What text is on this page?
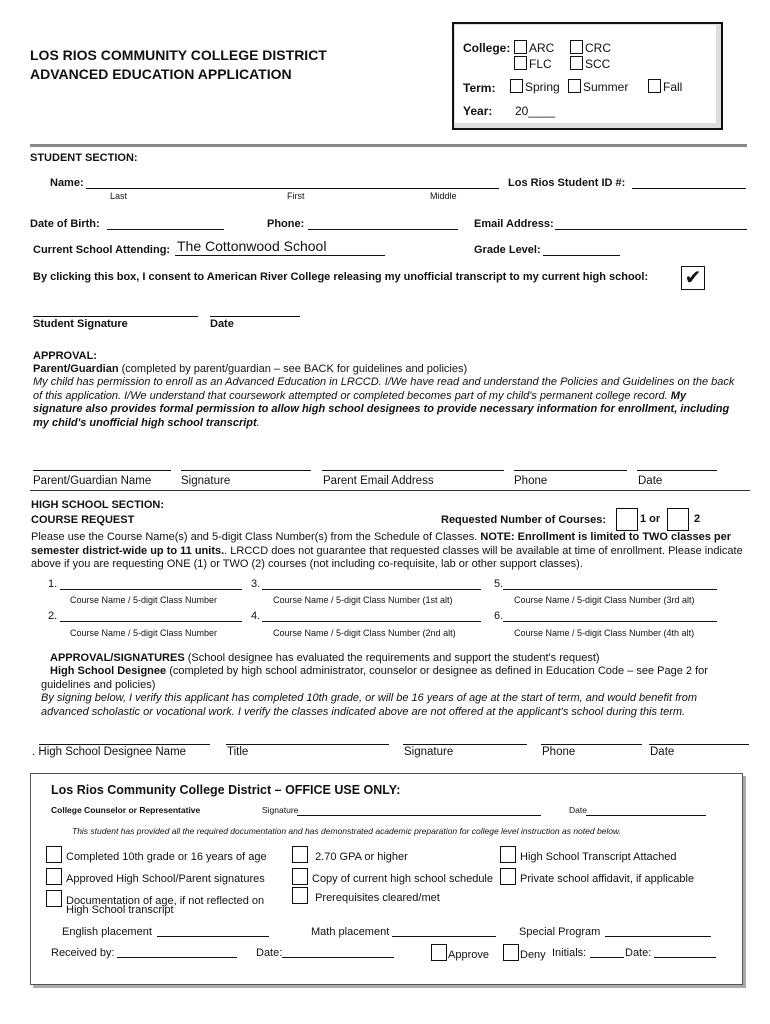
LOS RIOS COMMUNITY COLLEGE DISTRICT
ADVANCED EDUCATION APPLICATION
College:	ARC	CRC
FLC	SCC
Term:	Spring	Summer	Fall
Year: 20____
STUDENT SECTION:
Name:
Last	First	Middle
Los Rios Student ID #:
Date of Birth:	Phone:	Email Address:
Current School Attending: The Cottonwood School	Grade Level:
By clicking this box, I consent to American River College releasing my unofficial transcript to my current high school: ✔
Student Signature	Date
APPROVAL:
Parent/Guardian (completed by parent/guardian – see BACK for guidelines and policies)
My child has permission to enroll as an Advanced Education in LRCCD. I/We have read and understand the Policies and Guidelines on the back of this application. I/We understand that coursework attempted or completed becomes part of my child's permanent college record. My signature also provides formal permission to allow high school designees to provide necessary information for enrollment, including my child's unofficial high school transcript.
Parent/Guardian Name	Signature	Parent Email Address	Phone	Date
HIGH SCHOOL SECTION:
COURSE REQUEST	Requested Number of Courses:	1 or	2
Please use the Course Name(s) and 5-digit Class Number(s) from the Schedule of Classes. NOTE: Enrollment is limited to TWO classes per semester district-wide up to 11 units.. LRCCD does not guarantee that requested classes will be available at time of enrollment. Please indicate above if you are requesting ONE (1) or TWO (2) courses (not including co-requisite, lab or other support classes).
1.	3.	5.
Course Name / 5-digit Class Number	Course Name / 5-digit Class Number (1st alt)	Course Name / 5-digit Class Number (3rd alt)
2.	4.	6.
Course Name / 5-digit Class Number	Course Name / 5-digit Class Number (2nd alt)	Course Name / 5-digit Class Number (4th alt)
APPROVAL/SIGNATURES (School designee has evaluated the requirements and support the student's request)
High School Designee (completed by high school administrator, counselor or designee as defined in Education Code – see Page 2 for guidelines and policies)
By signing below, I verify this applicant has completed 10th grade, or will be 16 years of age at the start of term, and would benefit from advanced scholastic or vocational work. I verify the classes indicated above are not offered at the applicant's school during this term.
. High School Designee Name	Title	Signature	Phone	Date
Los Rios Community College District – OFFICE USE ONLY:
College Counselor or Representative	Signature	Date
This student has provided all the required documentation and has demonstrated academic preparation for college level instruction as noted below.
Completed 10th grade or 16 years of age	2.70 GPA or higher	High School Transcript Attached
Approved High School/Parent signatures	Copy of current high school schedule	Private school affidavit, if applicable
Documentation of age, if not reflected on
High School transcript
Prerequisites cleared/met
English placement	Math placement	Special Program
Received by:	Date:	Approve	Deny Initials:	Date:
